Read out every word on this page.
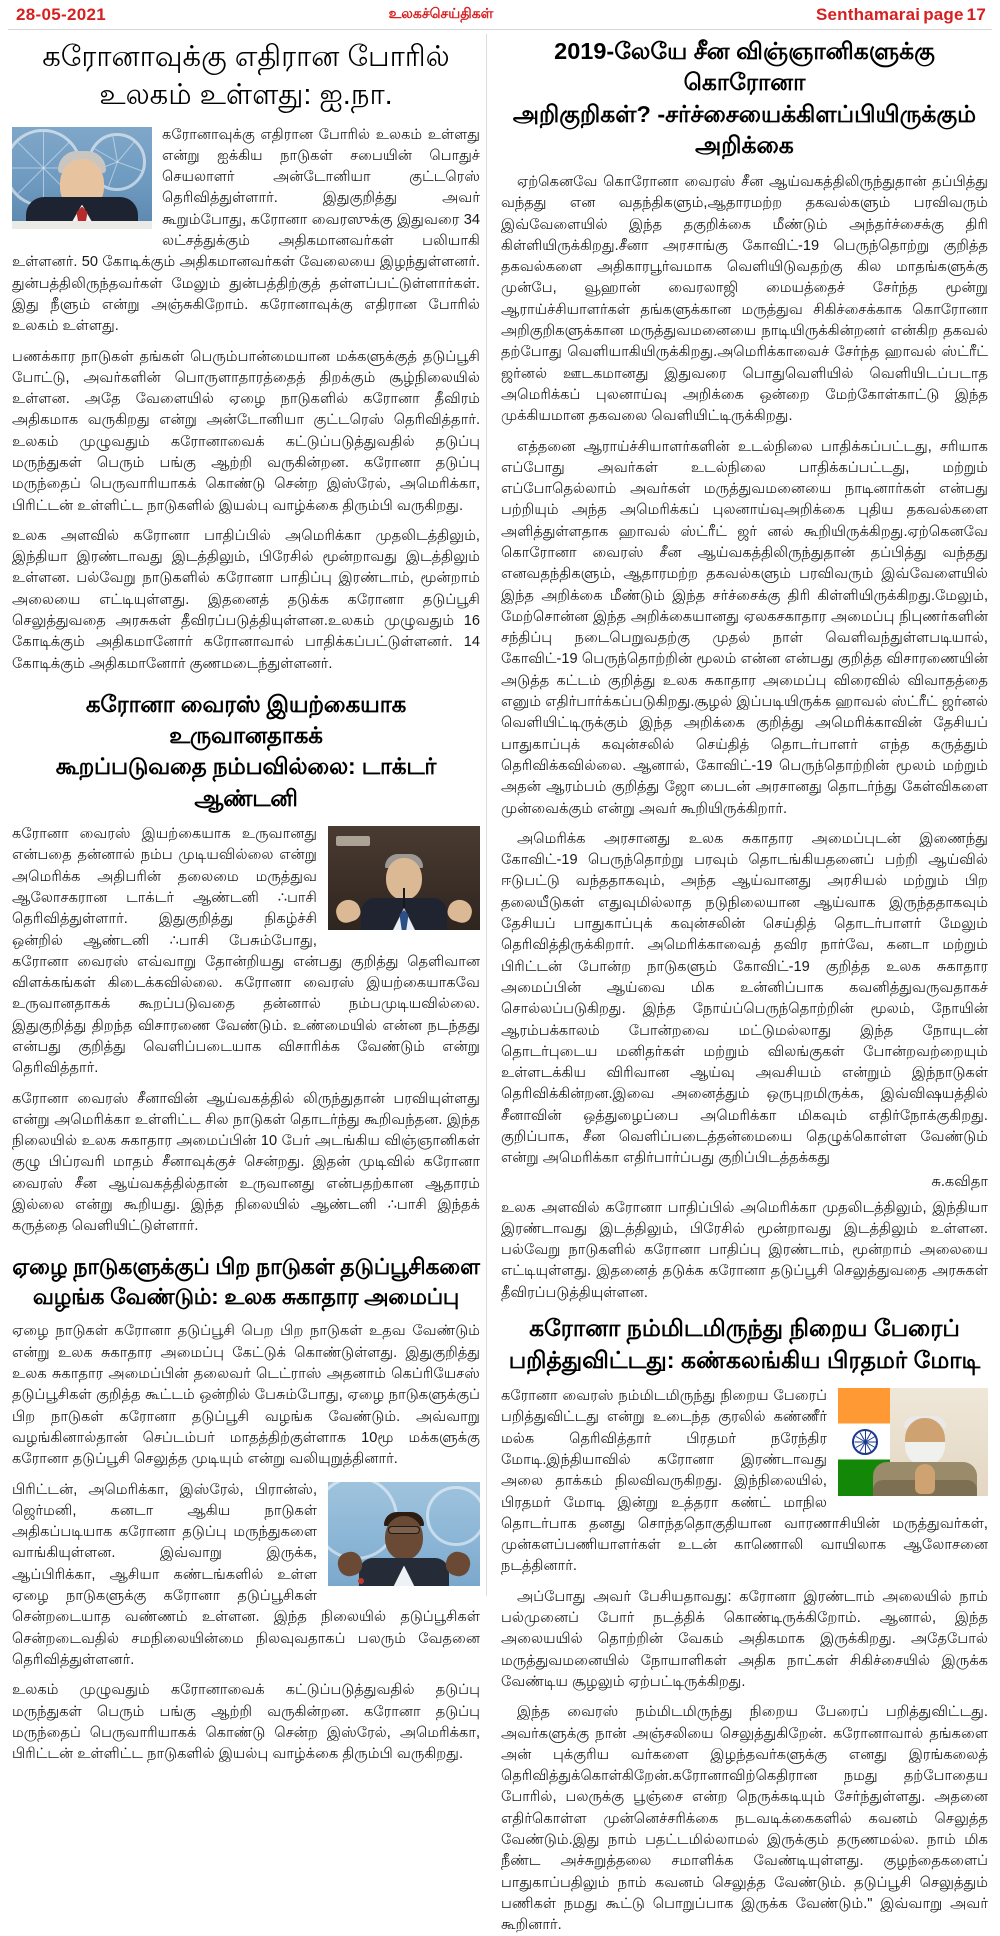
28-05-2021	உலகச்செய்திகள்	Senthamarai page 17
கரோனாவுக்கு எதிரான போரில்
உலகம் உள்ளது: ஐ.நா.

கரோனாவுக்கு எதிரான போரில் உலகம் உள்ளது என்று ஐக்கிய நாடுகள் சபையின் பொதுச் செயலாளர் அன்டோனியா குட்டரெஸ் தெரிவித்துள்ளார். இதுகுறித்து அவர் கூறும்போது, கரோனா வைரஸுக்கு இதுவரை 34 லட்சத்துக்கும் அதிகமானவர்கள் பலியாகி உள்ளனர். 50 கோடிக்கும் அதிகமானவர்கள் வேலையை இழந்துள்ளனர். துன்பத்திலிருந்தவர்கள் மேலும் துன்பத்திற்குத் தள்ளப்பட்டுள்ளார்கள். இது நீளும் என்று அஞ்சுகிறோம். கரோனாவுக்கு எதிரான போரில் உலகம் உள்ளது.

பணக்கார நாடுகள் தங்கள் பெரும்பான்மையான மக்களுக்குத் தடுப்பூசி போட்டு, அவர்களின் பொருளாதாரத்தைத் திறக்கும் சூழ்நிலையில் உள்ளன. அதே வேளையில் ஏழை நாடுகளில் கரோனா தீவிரம் அதிகமாக வருகிறது என்று அன்டோனியா குட்டரெஸ் தெரிவித்தார். உலகம் முழுவதும் கரோனாவைக் கட்டுப்படுத்துவதில் தடுப்பு மருந்துகள் பெரும் பங்கு ஆற்றி வருகின்றன. கரோனா தடுப்பு மருந்தைப் பெருவாரியாகக் கொண்டு சென்ற இஸ்ரேல், அமெரிக்கா, பிரிட்டன் உள்ளிட்ட நாடுகளில் இயல்பு வாழ்க்கை திரும்பி வருகிறது.

உலக அளவில் கரோனா பாதிப்பில் அமெரிக்கா முதலிடத்திலும், இந்தியா இரண்டாவது இடத்திலும், பிரேசில் மூன்றாவது இடத்திலும் உள்ளன. பல்வேறு நாடுகளில் கரோனா பாதிப்பு இரண்டாம், மூன்றாம் அலையை எட்டியுள்ளது. இதனைத் தடுக்க கரோனா தடுப்பூசி செலுத்துவதை அரசுகள் தீவிரப்படுத்தியுள்ளன.உலகம் முழுவதும் 16 கோடிக்கும் அதிகமானோர் கரோனாவால் பாதிக்கப்பட்டுள்ளனர். 14 கோடிக்கும் அதிகமானோர் குணமடைந்துள்ளனர்.

கரோனா வைரஸ் இயற்கையாக உருவானதாகக்
கூறப்படுவதை நம்பவில்லை: டாக்டர் ஆண்டனி

கரோனா வைரஸ் இயற்கையாக உருவானது என்பதை தன்னால் நம்ப முடியவில்லை என்று அமெரிக்க அதிபரின் தலைமை மருத்துவ ஆலோசகரான டாக்டர் ஆண்டனி ∴பாசி தெரிவித்துள்ளார். இதுகுறித்து நிகழ்ச்சி ஒன்றில் ஆண்டனி ∴பாசி பேசும்போது, கரோனா வைரஸ் எவ்வாறு தோன்றியது என்பது குறித்து தெளிவான விளக்கங்கள் கிடைக்கவில்லை. கரோனா வைரஸ் இயற்கையாகவே உருவானதாகக் கூறப்படுவதை தன்னால் நம்பமுடியவில்லை. இதுகுறித்து திறந்த விசாரணை வேண்டும். உண்மையில் என்ன நடந்தது என்பது குறித்து வெளிப்படையாக விசாரிக்க வேண்டும் என்று தெரிவித்தார்.

கரோனா வைரஸ் சீனாவின் ஆய்வகத்தில் லிருந்துதான் பரவியுள்ளது என்று அமெரிக்கா உள்ளிட்ட சில நாடுகள் தொடர்ந்து கூறிவந்தன. இந்த நிலையில் உலக சுகாதார அமைப்பின் 10 பேர் அடங்கிய விஞ்ஞானிகள் குழு பிப்ரவரி மாதம் சீனாவுக்குச் சென்றது. இதன் முடிவில் கரோனா வைரஸ் சீன ஆய்வகத்தில்தான் உருவானது என்பதற்கான ஆதாரம் இல்லை என்று கூறியது. இந்த நிலையில் ஆண்டனி ∴பாசி இந்தக் கருத்தை வெளியிட்டுள்ளார்.

ஏழை நாடுகளுக்குப் பிற நாடுகள் தடுப்பூசிகளை
வழங்க வேண்டும்: உலக சுகாதார அமைப்பு

ஏழை நாடுகள் கரோனா தடுப்பூசி பெற பிற நாடுகள் உதவ வேண்டும் என்று உலக சுகாதார அமைப்பு கேட்டுக் கொண்டுள்ளது. இதுகுறித்து உலக சுகாதார அமைப்பின் தலைவர் டெட்ராஸ் அதனாம் கெப்ரியேசஸ் தடுப்பூசிகள் குறித்த கூட்டம் ஒன்றில் பேசும்போது, ஏழை நாடுகளுக்குப் பிற நாடுகள் கரோனா தடுப்பூசி வழங்க வேண்டும். அவ்வாறு வழங்கினால்தான் செப்டம்பர் மாதத்திற்குள்ளாக 10மூ மக்களுக்கு கரோனா தடுப்பூசி செலுத்த முடியும் என்று வலியுறுத்தினார்.

பிரிட்டன், அமெரிக்கா, இஸ்ரேல், பிரான்ஸ், ஜெர்மனி, கனடா ஆகிய நாடுகள் அதிகப்படியாக கரோனா தடுப்பு மருந்துகளை வாங்கியுள்ளன. இவ்வாறு இருக்க, ஆப்பிரிக்கா, ஆசியா கண்டங்களில் உள்ள ஏழை நாடுகளுக்கு கரோனா தடுப்பூசிகள் சென்றடையாத வண்ணம் உள்ளன. இந்த நிலையில் தடுப்பூசிகள் சென்றடைவதில் சமநிலையின்மை நிலவுவதாகப் பலரும் வேதனை தெரிவித்துள்ளனர்.

உலகம் முழுவதும் கரோனாவைக் கட்டுப்படுத்துவதில் தடுப்பு மருந்துகள் பெரும் பங்கு ஆற்றி வருகின்றன. கரோனா தடுப்பு மருந்தைப் பெருவாரியாகக் கொண்டு சென்ற இஸ்ரேல், அமெரிக்கா, பிரிட்டன் உள்ளிட்ட நாடுகளில் இயல்பு வாழ்க்கை திரும்பி வருகிறது.

2019-லேயே சீன விஞ்ஞானிகளுக்கு கொரோனா
அறிகுறிகள்? -சர்ச்சையைக்கிளப்பியிருக்கும் அறிக்கை

ஏற்கெனவே கொரோனா வைரஸ் சீன ஆய்வகத்திலிருந்துதான் தப்பித்து வந்தது என வதந்திகளும்,ஆதாரமற்ற தகவல்களும் பரவிவரும் இவ்வேளையில் இந்த தகுறிக்கை மீண்டும் அந்தர்ச்சைக்கு திரி கிள்ளியிருக்கிறது.சீனா அரசாங்கு கோவிட்-19 பெருந்தொற்று குறித்த தகவல்களை அதிகாரபூர்வமாக வெளியிடுவதற்கு கில மாதங்களுக்கு முன்பே, வூஹான் வைரலாஜி மையத்தைச் சேர்ந்த மூன்று ஆராய்ச்சியாளர்கள் தங்களுக்கான மருத்துவ சிகிச்சைக்காக கொரோனா அறிகுறிகளுக்கான மருத்துவமனையை நாடியிருக்கின்றனர் என்கிற தகவல் தற்போது வெளியாகியிருக்கிறது.அமெரிக்காவைச் சேர்ந்த ஹாவல் ஸ்ட்ரீட் ஜர்னல் ஊடகமானது இதுவரை பொதுவெளியில் வெளியிடப்படாத அமெரிக்கப் புலனாய்வு அறிக்கை ஒன்றை மேற்கோள்காட்டு இந்த முக்கியமான தகவலை வெளியிட்டிருக்கிறது.

எத்தனை ஆராய்ச்சியாளர்களின் உடல்நிலை பாதிக்கப்பட்டது, சரியாக எப்போது அவர்கள் உடல்நிலை பாதிக்கப்பட்டது, மற்றும் எப்போதெல்லாம் அவர்கள் மருத்துவமனையை நாடினார்கள் என்பது பற்றியும் அந்த அமெரிக்கப் புலனாய்வுஅறிக்கை புதிய தகவல்களை அளித்துள்ளதாக ஹாவல் ஸ்ட்ரீட் ஜர் னல் கூறியிருக்கிறது.ஏற்கெனவே கொரோனா வைரஸ் சீன ஆய்வகத்திலிருந்துதான் தப்பித்து வந்தது எனவதந்திகளும், ஆதாரமற்ற தகவல்களும் பரவிவரும் இவ்வேளையில் இந்த அறிக்கை மீண்டும் இந்த சர்ச்சைக்கு திரி கிள்ளியிருக்கிறது.மேலும், மேற்சொன்ன இந்த அறிக்கையானது ஏலகசகாதார அமைப்பு நிபுணர்களின் சந்திப்பு நடைபெறுவதற்கு முதல் நாள் வெளிவந்துள்ளபடியால், கோவிட்-19 பெருந்தொற்றின் மூலம் என்ன என்பது குறித்த விசாரணையின் அடுத்த கட்டம் குறித்து உலக சுகாதார அமைப்பு விரைவில் விவாதத்தை எனும் எதிர்பார்க்கப்படுகிறது.சூழல் இப்படியிருக்க ஹாவல் ஸ்ட்ரீட் ஜர்னல் வெளியிட்டிருக்கும் இந்த அறிக்கை குறித்து அமெரிக்காவின் தேசியப் பாதுகாப்புக் கவுன்சலில் செய்தித் தொடர்பாளர் எந்த கருத்தும் தெரிவிக்கவில்லை. ஆனால், கோவிட்-19 பெருந்தொற்றின் மூலம் மற்றும் அதன் ஆரம்பம் குறித்து ஜோ பைடன் அரசானது தொடர்ந்து கேள்விகளை முன்வைக்கும் என்று அவர் கூறியிருக்கிறார்.

அமெரிக்க அரசானது உலக சுகாதார அமைப்புடன் இணைந்து கோவிட்-19 பெருந்தொற்று பரவும் தொடங்கியதனைப் பற்றி ஆய்வில் ஈடுபட்டு வந்ததாகவும், அந்த ஆய்வானது அரசியல் மற்றும் பிற தலையீடுகள் எதுவுமில்லாத நடுநிலையான ஆய்வாக இருந்ததாகவும் தேசியப் பாதுகாப்புக் கவுன்சலின் செய்தித் தொடர்பாளர் மேலும் தெரிவித்திருக்கிறார். அமெரிக்காவைத் தவிர நார்வே, கனடா மற்றும் பிரிட்டன் போன்ற நாடுகளும் கோவிட்-19 குறித்த உலக சுகாதார அமைப்பின் ஆய்வை மிக உன்னிப்பாக கவனித்துவருவதாகச் சொல்லப்படுகிறது. இந்த நோய்ப்பெருந்தொற்றின் மூலம், நோயின் ஆரம்பக்காலம் போன்றவை மட்டுமல்லாது இந்த நோயுடன் தொடர்புடைய மனிதர்கள் மற்றும் விலங்குகள் போன்றவற்றையும் உள்ளடக்கிய விரிவான ஆய்வு அவசியம் என்றும் இந்நாடுகள் தெரிவிக்கின்றன.இவை அனைத்தும் ஒருபுறமிருக்க, இவ்விஷயத்தில் சீனாவின் ஒத்துழைப்பை அமெரிக்கா மிகவும் எதிர்நோக்குகிறது. குறிப்பாக, சீன வெளிப்படைத்தன்மையை தெழுக்கொள்ள வேண்டும் என்று அமெரிக்கா எதிர்பார்ப்பது குறிப்பிடத்தக்கது

சு.கவிதா

உலக அளவில் கரோனா பாதிப்பில் அமெரிக்கா முதலிடத்திலும், இந்தியா இரண்டாவது இடத்திலும், பிரேசில் மூன்றாவது இடத்திலும் உள்ளன. பல்வேறு நாடுகளில் கரோனா பாதிப்பு இரண்டாம், மூன்றாம் அலையை எட்டியுள்ளது. இதனைத் தடுக்க கரோனா தடுப்பூசி செலுத்துவதை அரசுகள் தீவிரப்படுத்தியுள்ளன.

கரோனா நம்மிடமிருந்து நிறைய பேரைப்
பறித்துவிட்டது: கண்கலங்கிய பிரதமர் மோடி

கரோனா வைரஸ் நம்மிடமிருந்து நிறைய பேரைப் பறித்துவிட்டது என்று உடைந்த குரலில் கண்ணீர் மல்க தெரிவித்தார் பிரதமர் நரேந்திர மோடி.இந்தியாவில் கரோனா இரண்டாவது அலை தாக்கம் நிலவிவருகிறது. இந்நிலையில், பிரதமர் மோடி இன்று உத்தரா கண்ட் மாநில தொடர்பாக தனது சொந்ததொகுதியான வாரணாசியின் மருத்துவர்கள், முன்களப்பணியாளர்கள் உடன் காணொலி வாயிலாக ஆலோசனை நடத்தினார்.

அப்போது அவர் பேசியதாவது: கரோனா இரண்டாம் அலையில் நாம் பல்முனைப் போர் நடத்திக் கொண்டிருக்கிறோம். ஆனால், இந்த அலையயில் தொற்றின் வேகம் அதிகமாக இருக்கிறது. அதேபோல் மருத்துவமனையில் நோயாளிகள் அதிக நாட்கள் சிகிச்சையில் இருக்க வேண்டிய சூழலும் ஏற்பட்டிருக்கிறது.

இந்த வைரஸ் நம்மிடமிருந்து நிறைய பேரைப் பறித்துவிட்டது. அவர்களுக்கு நான் அஞ்சலியை செலுத்துகிறேன். கரோனாவால் தங்களை அன் புக்குரிய வர்களை இழந்தவர்களுக்கு எனது இரங்கலைத் தெரிவித்துக்கொள்கிறேன்.கரோனாவிற்கெதிரான நமது தற்போதைய போரில், பலருக்கு பூஞ்சை என்ற நெருக்கடியும் சேர்ந்துள்ளது. அதனை எதிர்கொள்ள முன்னெச்சரிக்கை நடவடிக்கைகளில் கவனம் செலுத்த வேண்டும்.இது நாம் பதட்டமில்லாமல் இருக்கும் தருணமல்ல. நாம் மிக நீண்ட அச்சுறுத்தலை சமாளிக்க வேண்டியுள்ளது. குழந்தைகளைப் பாதுகாப்பதிலும் நாம் கவனம் செலுத்த வேண்டும். தடுப்பூசி செலுத்தும் பணிகள் நமது கூட்டு பொறுப்பாக இருக்க வேண்டும்." இவ்வாறு அவர் கூறினார்.
